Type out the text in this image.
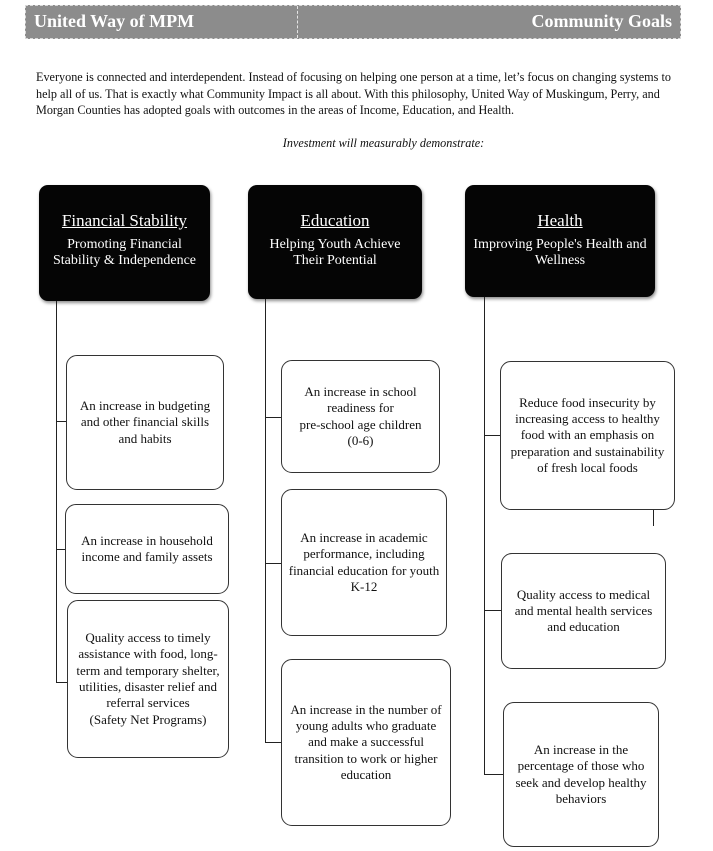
United Way of MPM	Community Goals
Everyone is connected and interdependent. Instead of focusing on helping one person at a time, let’s focus on changing systems to help all of us. That is exactly what Community Impact is all about. With this philosophy, United Way of Muskingum, Perry, and Morgan Counties has adopted goals with outcomes in the areas of Income, Education, and Health.
Investment will measurably demonstrate:
Financial Stability
Promoting Financial Stability & Independence
Education
Helping Youth Achieve Their Potential
Health
Improving People's Health and Wellness
An increase in budgeting and other financial skills and habits
An increase in household income and family assets
Quality access to timely assistance with food, long-term and temporary shelter, utilities, disaster relief and referral services
(Safety Net Programs)
An increase in school readiness for
pre-school age children
(0-6)
An increase in academic performance, including financial education for youth K-12
An increase in the number of young adults who graduate and make a successful transition to work or higher education
Reduce food insecurity by increasing access to healthy food with an emphasis on preparation and sustainability of fresh local foods
Quality access to medical and mental health services and education
An increase in the percentage of those who seek and develop healthy behaviors
